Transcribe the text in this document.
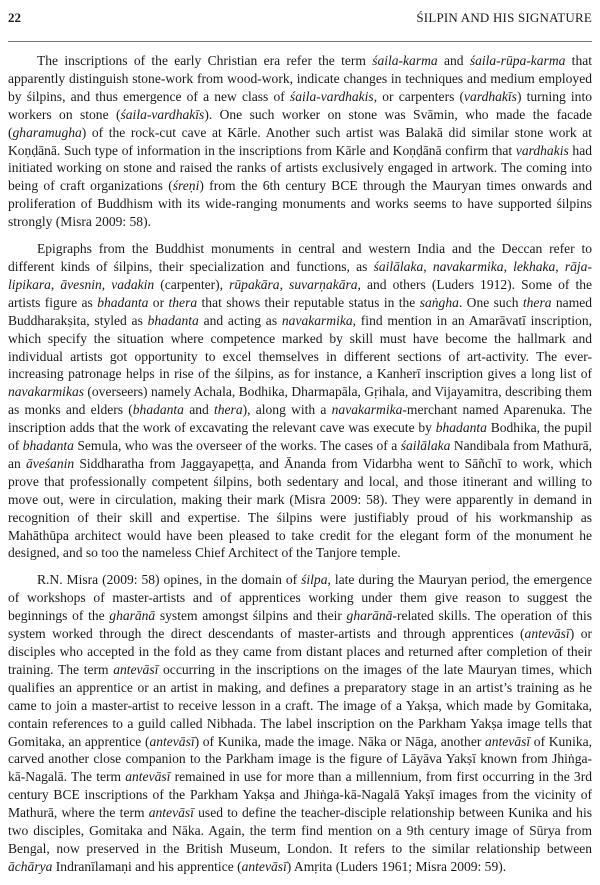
22	ŚILPIN AND HIS SIGNATURE

The inscriptions of the early Christian era refer the term śaila-karma and śaila-rūpa-karma that apparently distinguish stone-work from wood-work, indicate changes in techniques and medium employed by śilpins, and thus emergence of a new class of śaila-vardhakis, or carpenters (vardhakīs) turning into workers on stone (śaila-vardhakīs). One such worker on stone was Svāmin, who made the facade (gharamugha) of the rock-cut cave at Kārle. Another such artist was Balakā did similar stone work at Koṇḍānā. Such type of information in the inscriptions from Kārle and Koṇḍānā confirm that vardhakis had initiated working on stone and raised the ranks of artists exclusively engaged in artwork. The coming into being of craft organizations (śreṇi) from the 6th century BCE through the Mauryan times onwards and proliferation of Buddhism with its wide-ranging monuments and works seems to have supported śilpins strongly (Misra 2009: 58).

Epigraphs from the Buddhist monuments in central and western India and the Deccan refer to different kinds of śilpins, their specialization and functions, as śailālaka, navakarmika, lekhaka, rāja-lipikara, āvesnin, vadakin (carpenter), rūpakāra, suvarṇakāra, and others (Luders 1912). Some of the artists figure as bhadanta or thera that shows their reputable status in the saṅgha. One such thera named Buddharakṣita, styled as bhadanta and acting as navakarmika, find mention in an Amarāvatī inscription, which specify the situation where competence marked by skill must have become the hallmark and individual artists got opportunity to excel themselves in different sections of art-activity. The ever-increasing patronage helps in rise of the śilpins, as for instance, a Kanherī inscription gives a long list of navakarmikas (overseers) namely Achala, Bodhika, Dharmapāla, Gṛihala, and Vijayamitra, describing them as monks and elders (bhadanta and thera), along with a navakarmika-merchant named Aparenuka. The inscription adds that the work of excavating the relevant cave was execute by bhadanta Bodhika, the pupil of bhadanta Semula, who was the overseer of the works. The cases of a śailālaka Nandibala from Mathurā, an āveśanin Siddharatha from Jaggayapeṭṭa, and Ānanda from Vidarbha went to Sāñchī to work, which prove that professionally competent śilpins, both sedentary and local, and those itinerant and willing to move out, were in circulation, making their mark (Misra 2009: 58). They were apparently in demand in recognition of their skill and expertise. The śilpins were justifiably proud of his workmanship as Mahāthūpa architect would have been pleased to take credit for the elegant form of the monument he designed, and so too the nameless Chief Architect of the Tanjore temple.

R.N. Misra (2009: 58) opines, in the domain of śilpa, late during the Mauryan period, the emergence of workshops of master-artists and of apprentices working under them give reason to suggest the beginnings of the gharānā system amongst śilpins and their gharānā-related skills. The operation of this system worked through the direct descendants of master-artists and through apprentices (antevāsī) or disciples who accepted in the fold as they came from distant places and returned after completion of their training. The term antevāsī occurring in the inscriptions on the images of the late Mauryan times, which qualifies an apprentice or an artist in making, and defines a preparatory stage in an artist’s training as he came to join a master-artist to receive lesson in a craft. The image of a Yakṣa, which made by Gomitaka, contain references to a guild called Nibhada. The label inscription on the Parkham Yakṣa image tells that Gomitaka, an apprentice (antevāsī) of Kunika, made the image. Nāka or Nāga, another antevāsī of Kunika, carved another close companion to the Parkham image is the figure of Lāyāva Yakṣī known from Jhiṅga-kā-Nagalā. The term antevāsī remained in use for more than a millennium, from first occurring in the 3rd century BCE inscriptions of the Parkham Yakṣa and Jhiṅga-kā-Nagalā Yakṣī images from the vicinity of Mathurā, where the term antevāsī used to define the teacher-disciple relationship between Kunika and his two disciples, Gomitaka and Nāka. Again, the term find mention on a 9th century image of Sūrya from Bengal, now preserved in the British Museum, London. It refers to the similar relationship between āchārya Indranīlamaṇi and his apprentice (antevāsī) Amṛita (Luders 1961; Misra 2009: 59).
